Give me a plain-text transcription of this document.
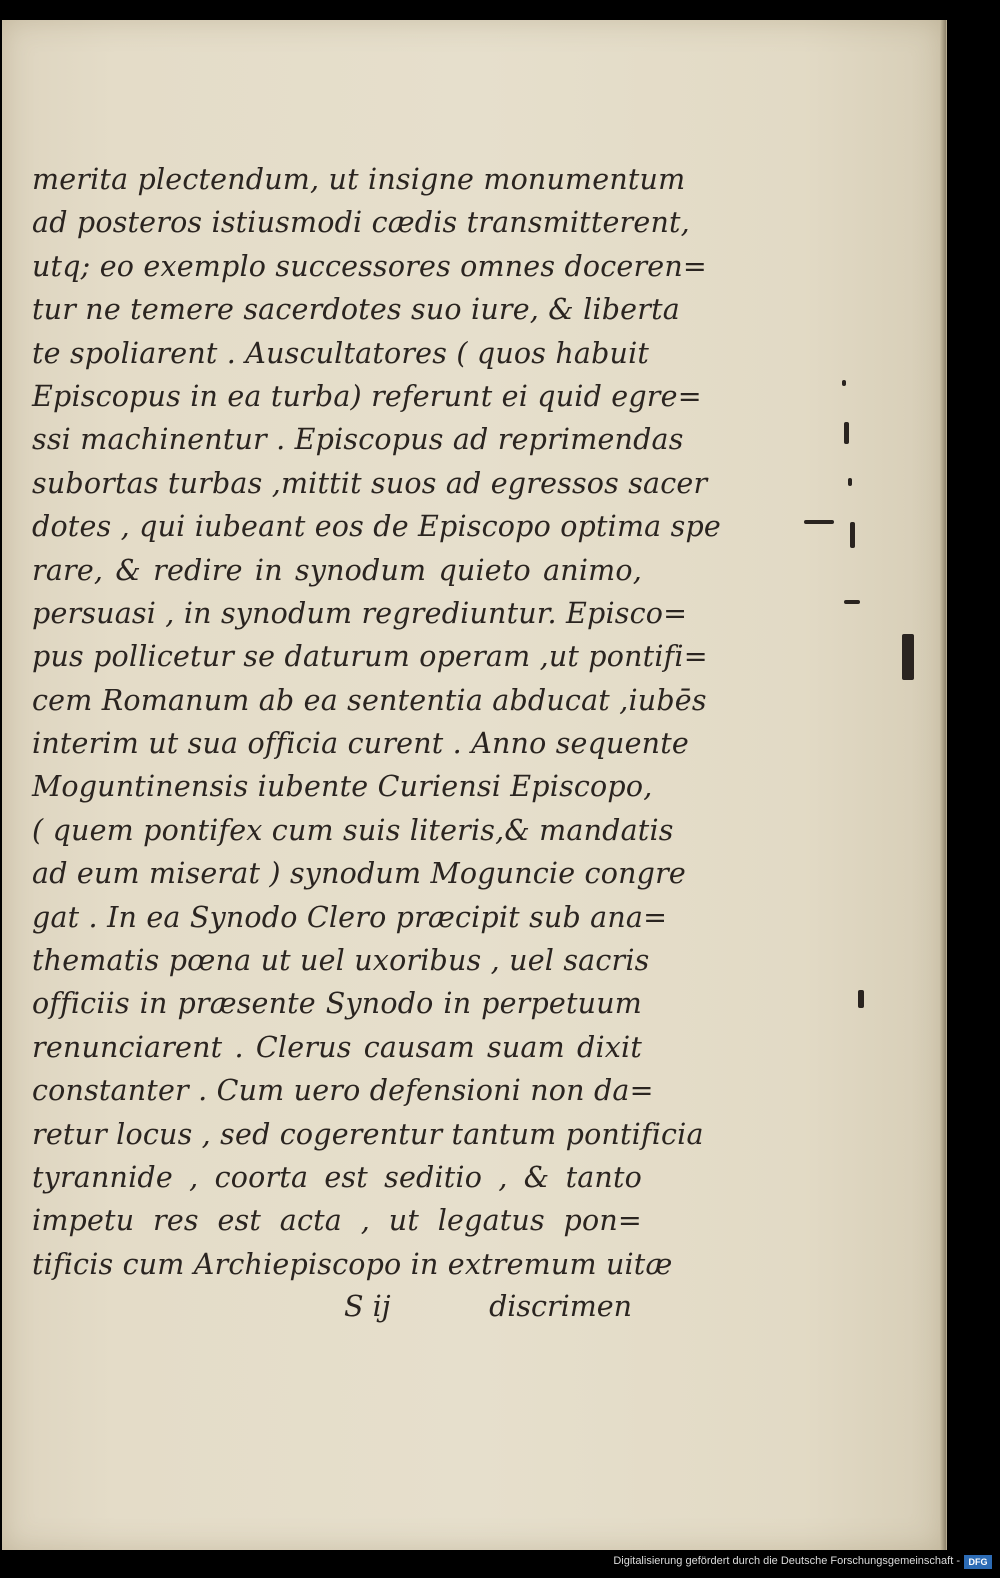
merita plectendum, ut insigne monumentum
ad posteros istiusmodi cædis transmitterent,
utq; eo exemplo successores omnes doceren=
tur ne temere sacerdotes suo iure, & liberta
te spoliarent . Auscultatores ( quos habuit
Episcopus in ea turba) referunt ei quid egre=
ssi machinentur . Episcopus ad reprimendas
subortas turbas ,mittit suos ad egressos sacer
dotes , qui iubeant eos de Episcopo optima spe
rare, & redire in synodum quieto animo,
persuasi , in synodum regrediuntur. Episco=
pus pollicetur se daturum operam ,ut pontifi=
cem Romanum ab ea sententia abducat ,iubēs
interim ut sua officia curent . Anno sequente
Moguntinensis iubente Curiensi Episcopo,
( quem pontifex cum suis literis,& mandatis
ad eum miserat ) synodum Moguncie congre
gat . In ea Synodo Clero præcipit sub ana=
thematis pœna ut uel uxoribus , uel sacris
officiis in præsente Synodo in perpetuum
renunciarent . Clerus causam suam dixit
constanter . Cum uero defensioni non da=
retur locus , sed cogerentur tantum pontificia
tyrannide , coorta est seditio , & tanto
impetu res est acta , ut legatus pon=
tificis cum Archiepiscopo in extremum uitæ
S ij	discrimen
Digitalisierung gefördert durch die Deutsche Forschungsgemeinschaft - DFG
